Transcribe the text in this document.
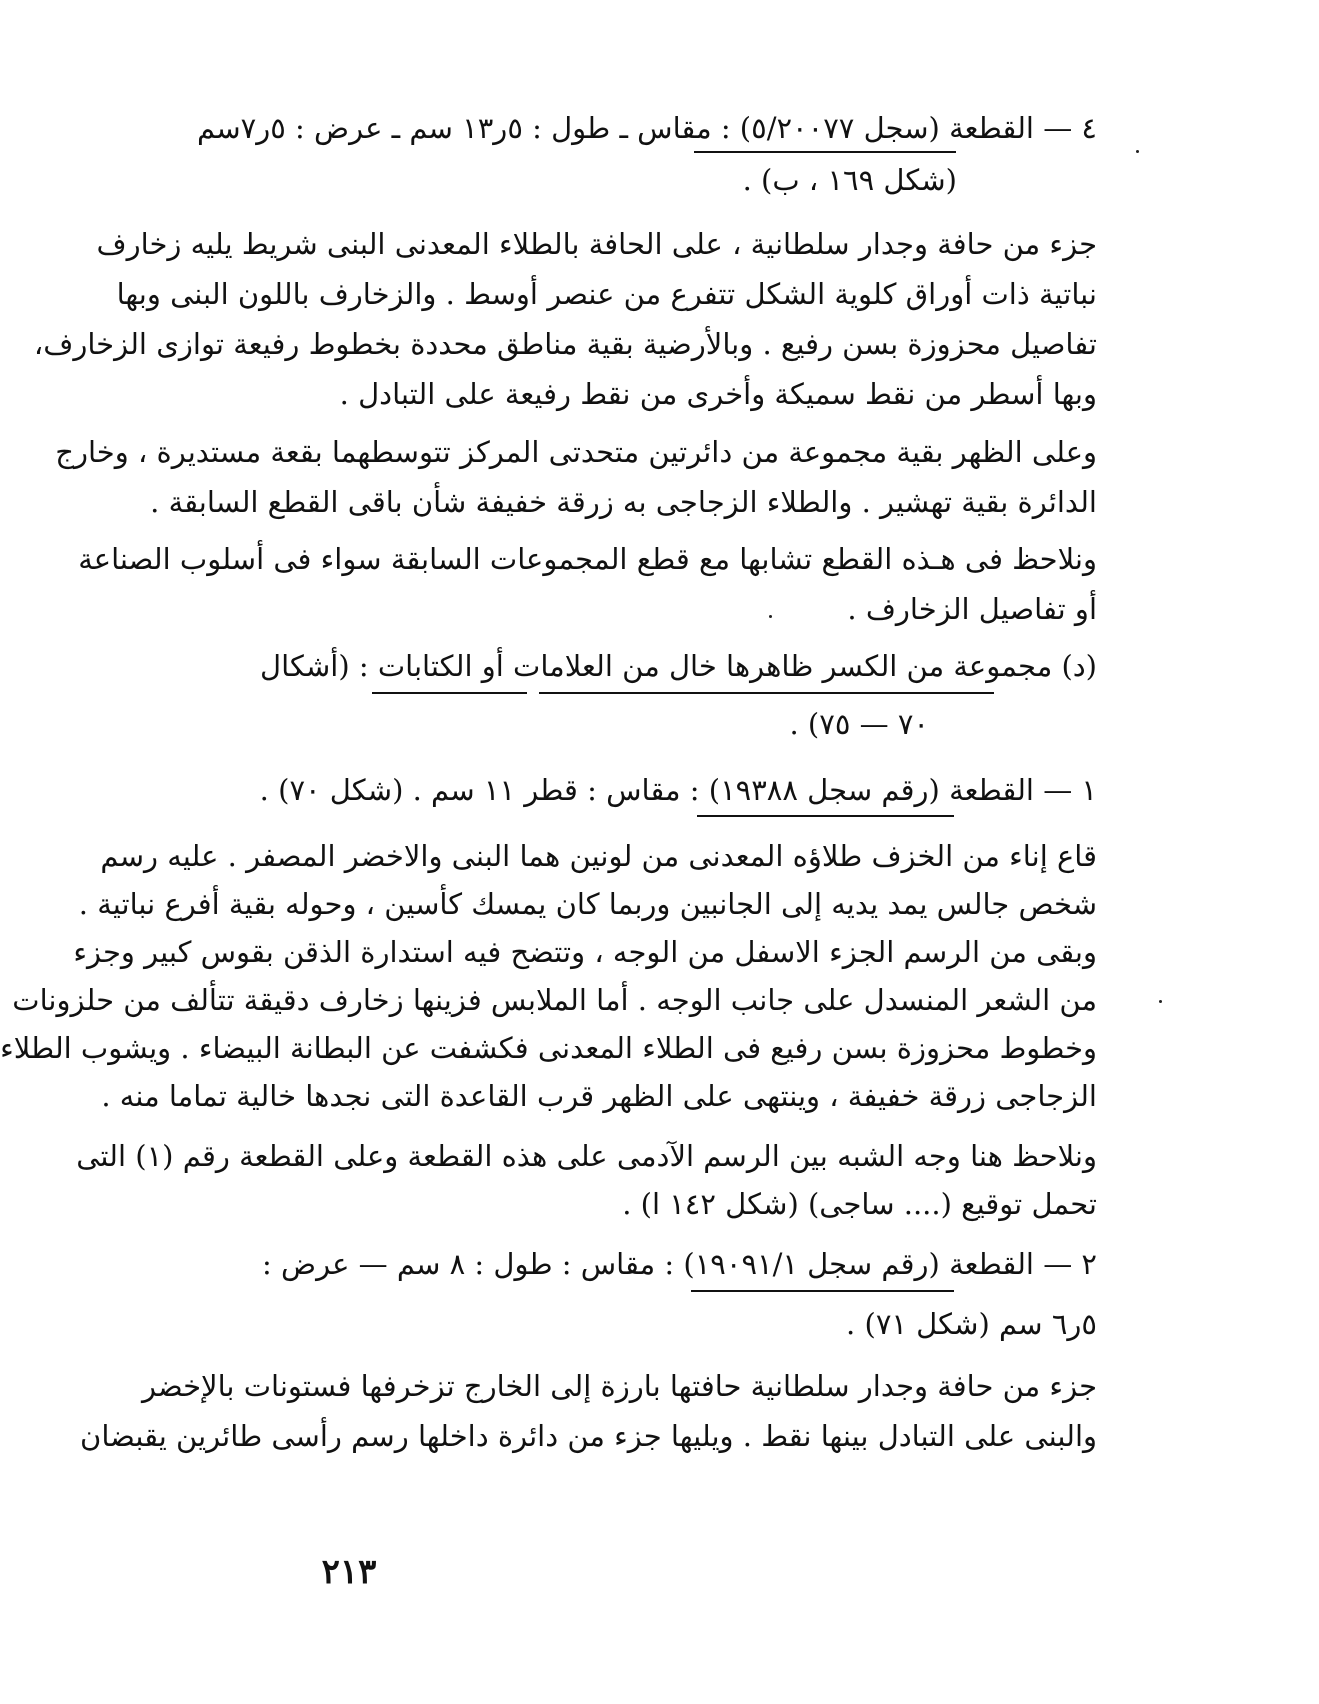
٤ — القطعة (سجل ٥/٢٠٠٧٧) : مقاس ـ طول : ٥ر١٣ سم ـ عرض : ٥ر٧سم
(شكل ١٦٩ ، ب) .
جزء من حافة وجدار سلطانية ، على الحافة بالطلاء المعدنى البنى شريط يليه زخارف
نباتية ذات أوراق كلوية الشكل تتفرع من عنصر أوسط . والزخارف باللون البنى وبها
تفاصيل محزوزة بسن رفيع . وبالأرضية بقية مناطق محددة بخطوط رفيعة توازى الزخارف،
وبها أسطر من نقط سميكة وأخرى من نقط رفيعة على التبادل .
وعلى الظهر بقية مجموعة من دائرتين متحدتى المركز تتوسطهما بقعة مستديرة ، وخارج
الدائرة بقية تهشير . والطلاء الزجاجى به زرقة خفيفة شأن باقى القطع السابقة .
ونلاحظ فى هـذه القطع تشابها مع قطع المجموعات السابقة سواء فى أسلوب الصناعة
أو تفاصيل الزخارف .
(د) مجموعة من الكسر ظاهرها خال من العلامات أو الكتابات : (أشكال
٧٠ — ٧٥) .
١ — القطعة (رقم سجل ١٩٣٨٨) : مقاس : قطر ١١ سم . (شكل ٧٠) .
قاع إناء من الخزف طلاؤه المعدنى من لونين هما البنى والاخضر المصفر . عليه رسم
شخص جالس يمد يديه إلى الجانبين وربما كان يمسك كأسين ، وحوله بقية أفرع نباتية .
وبقى من الرسم الجزء الاسفل من الوجه ، وتتضح فيه استدارة الذقن بقوس كبير وجزء
من الشعر المنسدل على جانب الوجه . أما الملابس فزينها زخارف دقيقة تتألف من حلزونات
وخطوط محزوزة بسن رفيع فى الطلاء المعدنى فكشفت عن البطانة البيضاء . ويشوب الطلاء
الزجاجى زرقة خفيفة ، وينتهى على الظهر قرب القاعدة التى نجدها خالية تماما منه .
ونلاحظ هنا وجه الشبه بين الرسم الآدمى على هذه القطعة وعلى القطعة رقم (١) التى
تحمل توقيع (.... ساجى) (شكل ١٤٢ ا) .
٢ — القطعة (رقم سجل ١٩٠٩١/١) : مقاس : طول : ٨ سم — عرض :
٥ر٦ سم (شكل ٧١) .
جزء من حافة وجدار سلطانية حافتها بارزة إلى الخارج تزخرفها فستونات بالإخضر
والبنى على التبادل بينها نقط . ويليها جزء من دائرة داخلها رسم رأسى طائرين يقبضان
٢١٣
